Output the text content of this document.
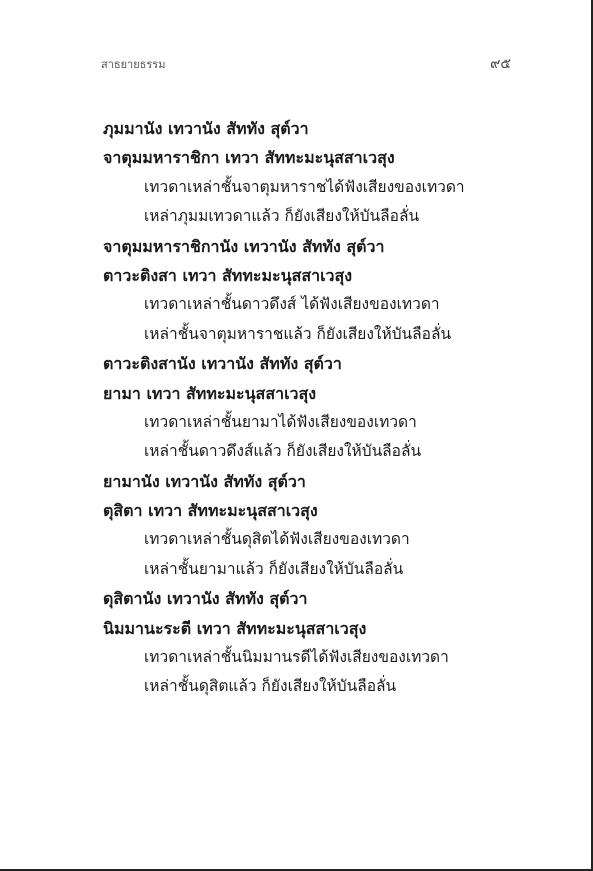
สาธยายธรรม	๙๕
ภุมมานัง เทวานัง สัททัง สุต์วา
จาตุมมหาราชิกา เทวา สัททะมะนุสสาเวสุง
เทวดาเหล่าชั้นจาตุมหาราชได้ฟังเสียงของเทวดา
เหล่าภุมมเทวดาแล้ว ก็ยังเสียงให้บันลือลั่น
จาตุมมหาราชิกานัง เทวานัง สัททัง สุต์วา
ตาวะติงสา เทวา สัททะมะนุสสาเวสุง
เทวดาเหล่าชั้นดาวดึงส์ ได้ฟังเสียงของเทวดา
เหล่าชั้นจาตุมหาราชแล้ว ก็ยังเสียงให้บันลือลั่น
ตาวะติงสานัง เทวานัง สัททัง สุต์วา
ยามา เทวา สัททะมะนุสสาเวสุง
เทวดาเหล่าชั้นยามาได้ฟังเสียงของเทวดา
เหล่าชั้นดาวดึงส์แล้ว ก็ยังเสียงให้บันลือลั่น
ยามานัง เทวานัง สัททัง สุต์วา
ตุสิตา เทวา สัททะมะนุสสาเวสุง
เทวดาเหล่าชั้นดุสิตได้ฟังเสียงของเทวดา
เหล่าชั้นยามาแล้ว ก็ยังเสียงให้บันลือลั่น
ดุสิตานัง เทวานัง สัททัง สุต์วา
นิมมานะระตี เทวา สัททะมะนุสสาเวสุง
เทวดาเหล่าชั้นนิมมานรดีได้ฟังเสียงของเทวดา
เหล่าชั้นดุสิตแล้ว ก็ยังเสียงให้บันลือลั่น
